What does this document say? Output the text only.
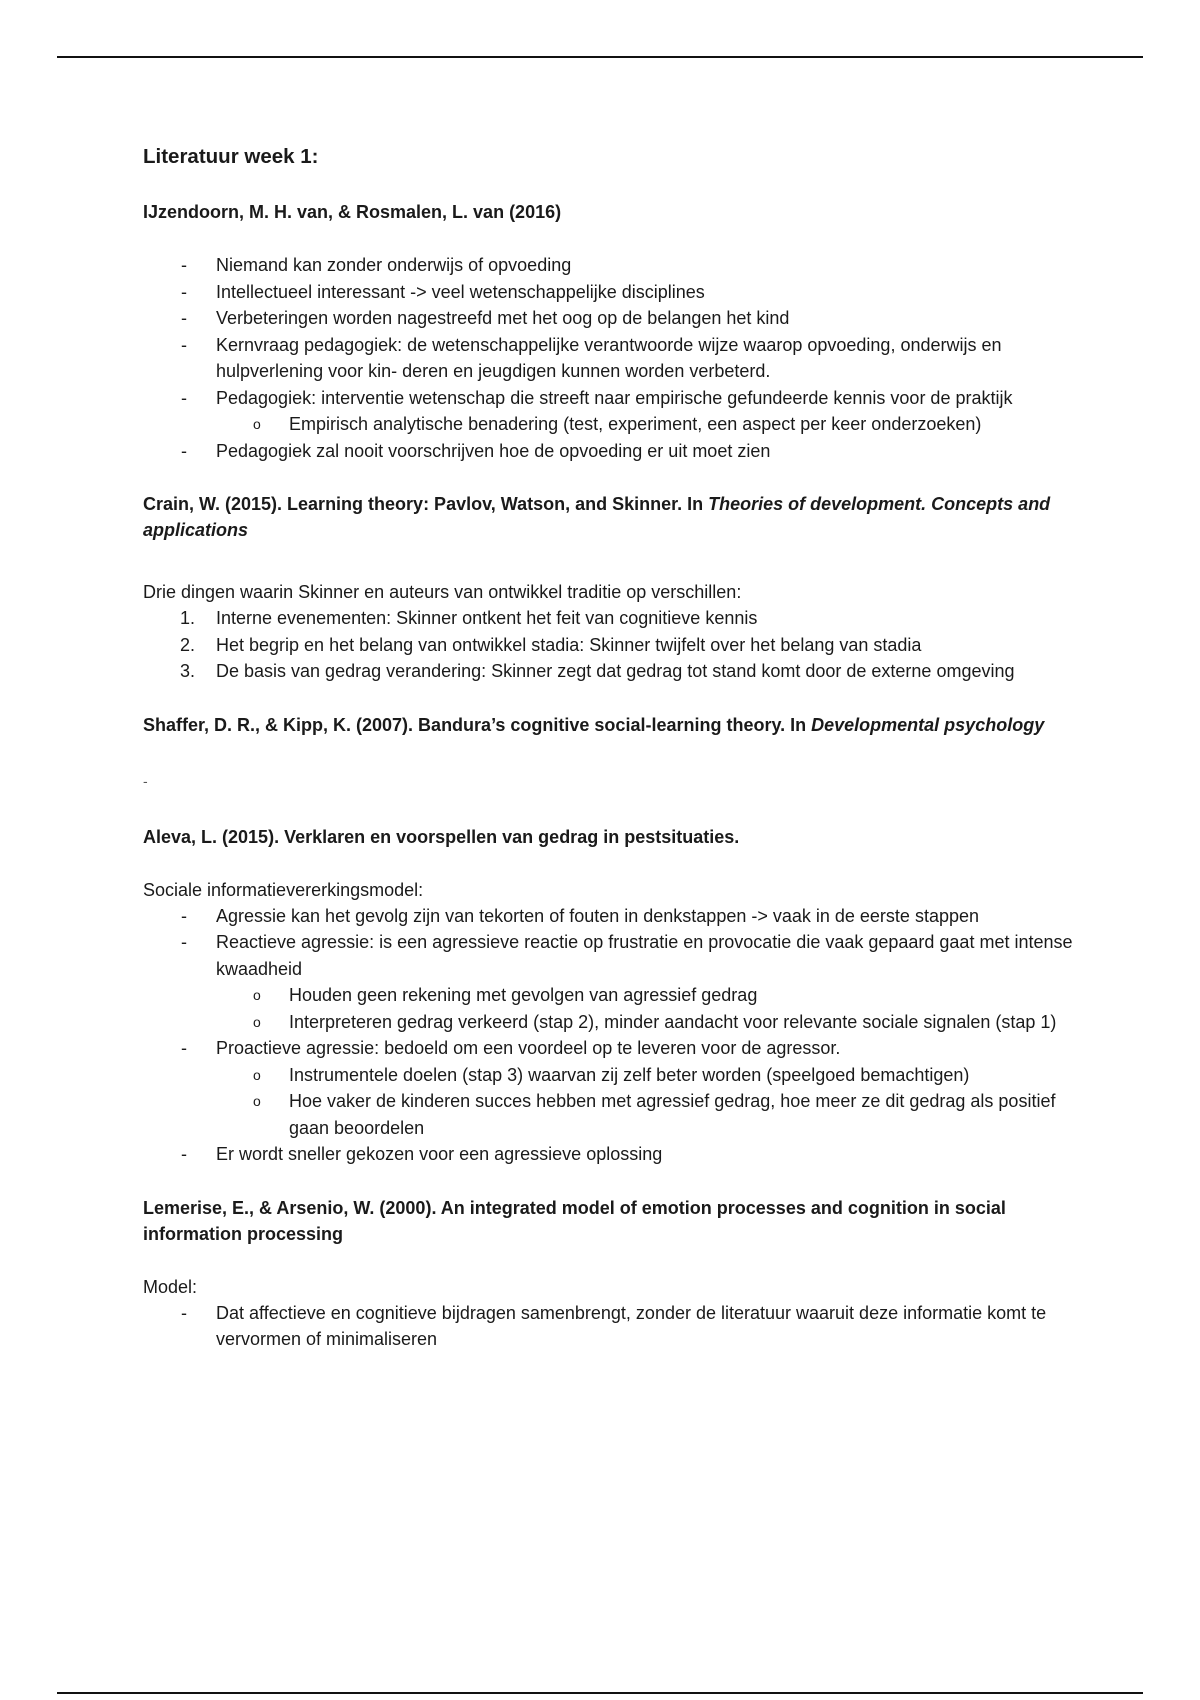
Literatuur week 1:

IJzendoorn, M. H. van, & Rosmalen, L. van (2016)

- Niemand kan zonder onderwijs of opvoeding
- Intellectueel interessant -> veel wetenschappelijke disciplines
- Verbeteringen worden nagestreefd met het oog op de belangen het kind
- Kernvraag pedagogiek: de wetenschappelijke verantwoorde wijze waarop opvoeding, onderwijs en hulpverlening voor kin- deren en jeugdigen kunnen worden verbeterd.
- Pedagogiek: interventie wetenschap die streeft naar empirische gefundeerde kennis voor de praktijk
o Empirisch analytische benadering (test, experiment, een aspect per keer onderzoeken)
- Pedagogiek zal nooit voorschrijven hoe de opvoeding er uit moet zien

Crain, W. (2015). Learning theory: Pavlov, Watson, and Skinner. In Theories of development. Concepts and applications

Drie dingen waarin Skinner en auteurs van ontwikkel traditie op verschillen:

1. Interne evenementen: Skinner ontkent het feit van cognitieve kennis
2. Het begrip en het belang van ontwikkel stadia: Skinner twijfelt over het belang van stadia
3. De basis van gedrag verandering: Skinner zegt dat gedrag tot stand komt door de externe omgeving

Shaffer, D. R., & Kipp, K. (2007). Bandura’s cognitive social-learning theory. In Developmental psychology

-

Aleva, L. (2015). Verklaren en voorspellen van gedrag in pestsituaties.

Sociale informatievererkingsmodel:

- Agressie kan het gevolg zijn van tekorten of fouten in denkstappen -> vaak in de eerste stappen
- Reactieve agressie: is een agressieve reactie op frustratie en provocatie die vaak gepaard gaat met intense kwaadheid
o Houden geen rekening met gevolgen van agressief gedrag
o Interpreteren gedrag verkeerd (stap 2), minder aandacht voor relevante sociale signalen (stap 1)
- Proactieve agressie: bedoeld om een voordeel op te leveren voor de agressor.
o Instrumentele doelen (stap 3) waarvan zij zelf beter worden (speelgoed bemachtigen)
o Hoe vaker de kinderen succes hebben met agressief gedrag, hoe meer ze dit gedrag als positief gaan beoordelen
- Er wordt sneller gekozen voor een agressieve oplossing

Lemerise, E., & Arsenio, W. (2000). An integrated model of emotion processes and cognition in social information processing

Model:

- Dat affectieve en cognitieve bijdragen samenbrengt, zonder de literatuur waaruit deze informatie komt te vervormen of minimaliseren
